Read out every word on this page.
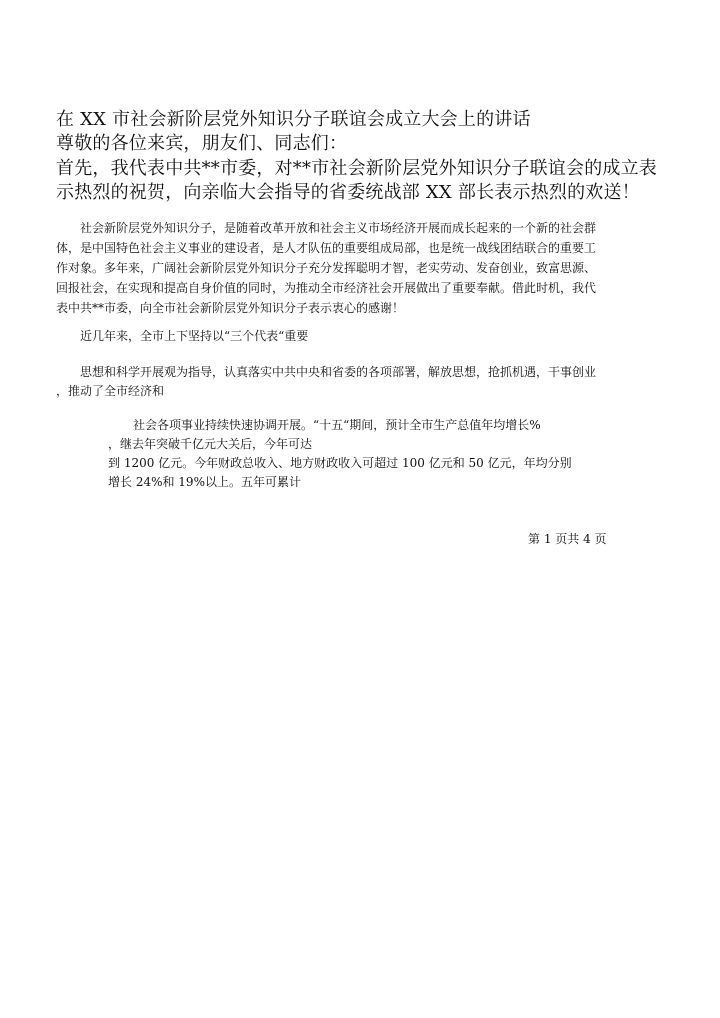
在 XX 市社会新阶层党外知识分子联谊会成立大会上的讲话
尊敬的各位来宾，朋友们、同志们：
首先，我代表中共**市委，对**市社会新阶层党外知识分子联谊会的成立表
示热烈的祝贺，向亲临大会指导的省委统战部 XX 部长表示热烈的欢送！
社会新阶层党外知识分子，是随着改革开放和社会主义市场经济开展而成长起来的一个新的社会群
体，是中国特色社会主义事业的建设者，是人才队伍的重要组成局部，也是统一战线团结联合的重要工
作对象。多年来，广阔社会新阶层党外知识分子充分发挥聪明才智，老实劳动、发奋创业，致富思源、
回报社会，在实现和提高自身价值的同时，为推动全市经济社会开展做出了重要奉献。借此时机，我代
表中共**市委，向全市社会新阶层党外知识分子表示衷心的感谢！
近几年来，全市上下坚持以“三个代表“重要
思想和科学开展观为指导，认真落实中共中央和省委的各项部署，解放思想，抢抓机遇，干事创业
，推动了全市经济和
社会各项事业持续快速协调开展。“十五“期间，预计全市生产总值年均增长%
，继去年突破千亿元大关后，今年可达
到 1200 亿元。今年财政总收入、地方财政收入可超过 100 亿元和 50 亿元，年均分别
增长 24%和 19%以上。五年可累计
第 1 页共 4 页
